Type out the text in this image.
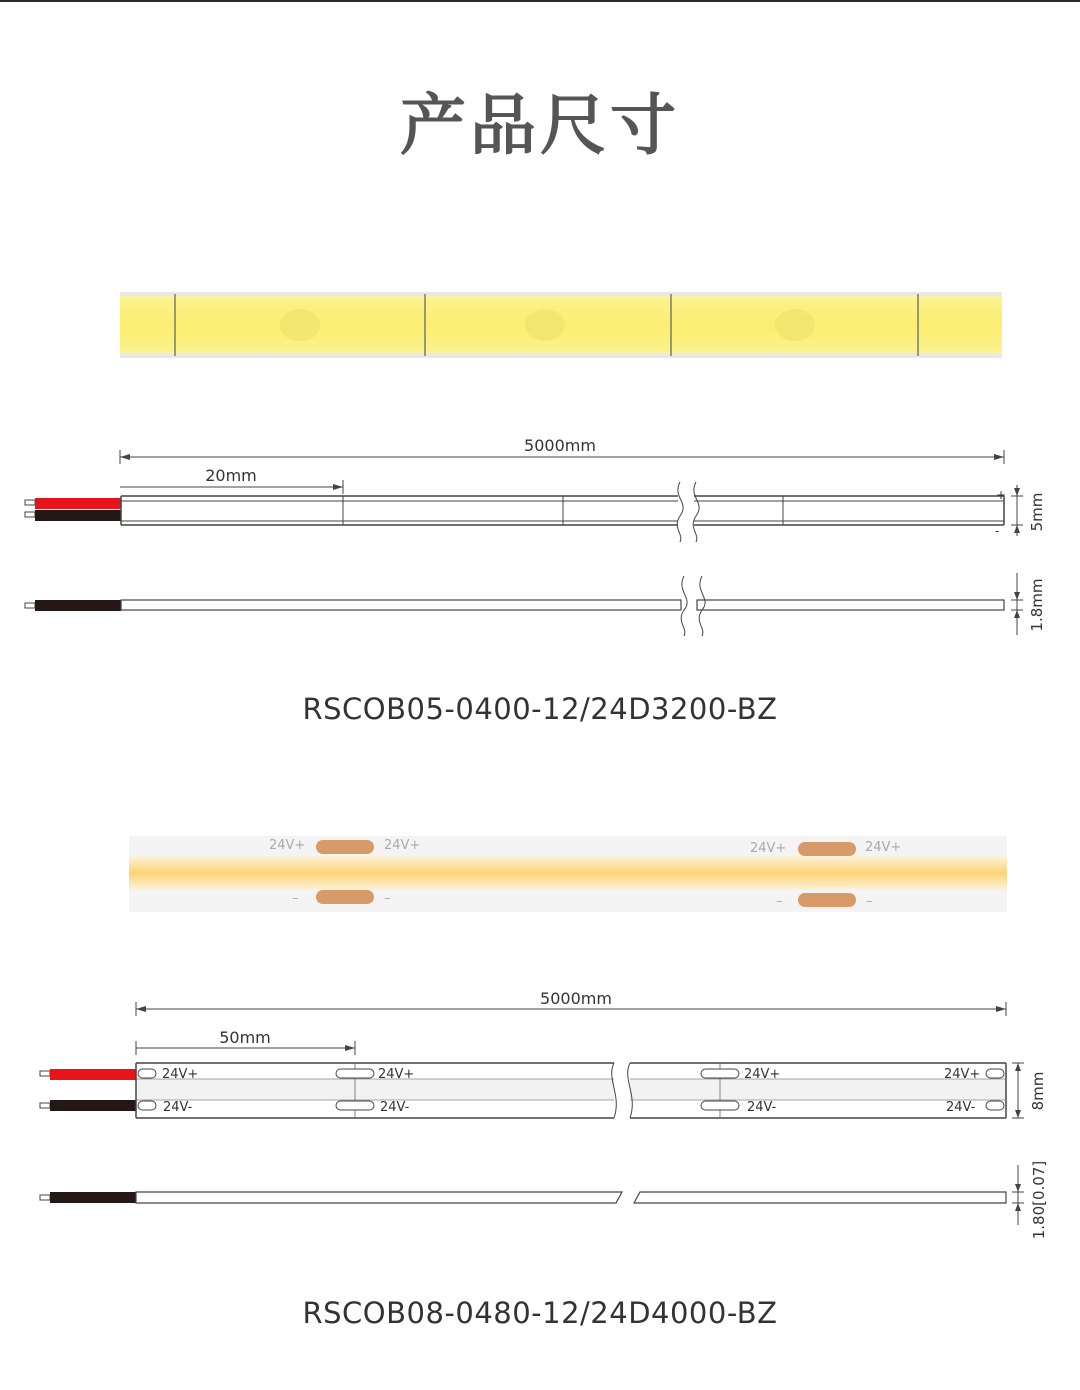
产品尺寸
5000mm
20mm
+
- 5mm
1.8mm
RSCOB05-0400-12/24D3200-BZ
24V+	24V+	24V+	24V+
–	–	–	–
5000mm
50mm
24V+	24V+	24V+	24V+
24V-	24V-	24V-	24V-	8mm
1.80[0.07]
RSCOB08-0480-12/24D4000-BZ
